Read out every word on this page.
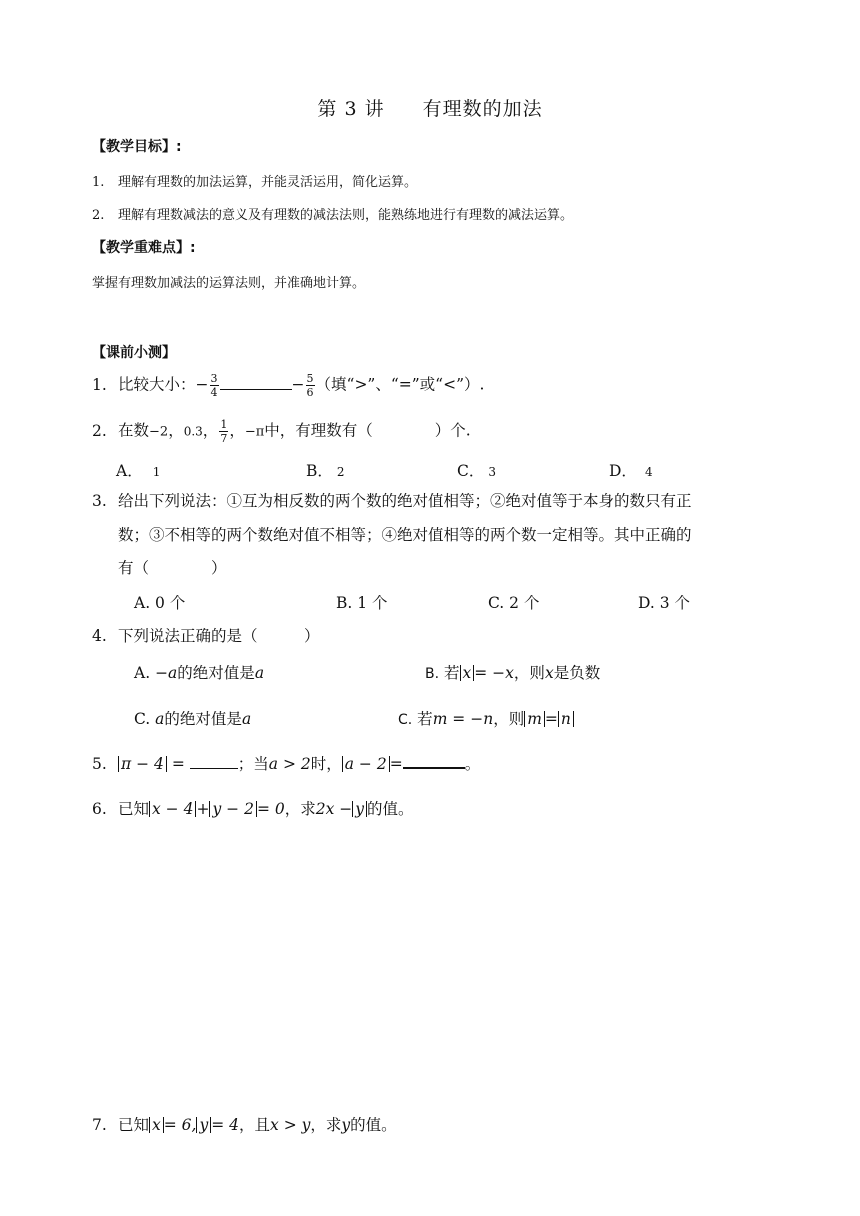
第 3 讲 有理数的加法
【教学目标】:
1. 理解有理数的加法运算，并能灵活运用，简化运算。
2. 理解有理数减法的意义及有理数的减法法则，能熟练地进行有理数的减法运算。
【教学重难点】:
掌握有理数加减法的运算法则，并准确地计算。
【课前小测】
1. 比较大小：− $\frac{3}{4}$	− $\frac{5}{6}$ （填“>”、“=”或“<”）.
2. 在数−2，0.3， $\frac{1}{7}$ ，−π中，有理数有（　　　　）个.
A． 1	B． 2	C． 3	D． 4
3. 给出下列说法：①互为相反数的两个数的绝对值相等；②绝对值等于本身的数只有正
数；③不相等的两个数绝对值不相等；④绝对值相等的两个数一定相等。其中正确的
有（　　　　）
A. 0 个	B. 1 个	C. 2 个	D. 3 个
4. 下列说法正确的是（　　　）
A. −a的绝对值是a	B. 若 x = −x，则x是负数
C. a的绝对值是a	C. 若m = −n，则 m = n
5. π − 4 =	；当a > 2时， a − 2 =	。
6. 已知 x − 4 + y − 2 = 0，求2x − y 的值。
7. 已知 x = 6, y = 4，且x > y，求y的值。
